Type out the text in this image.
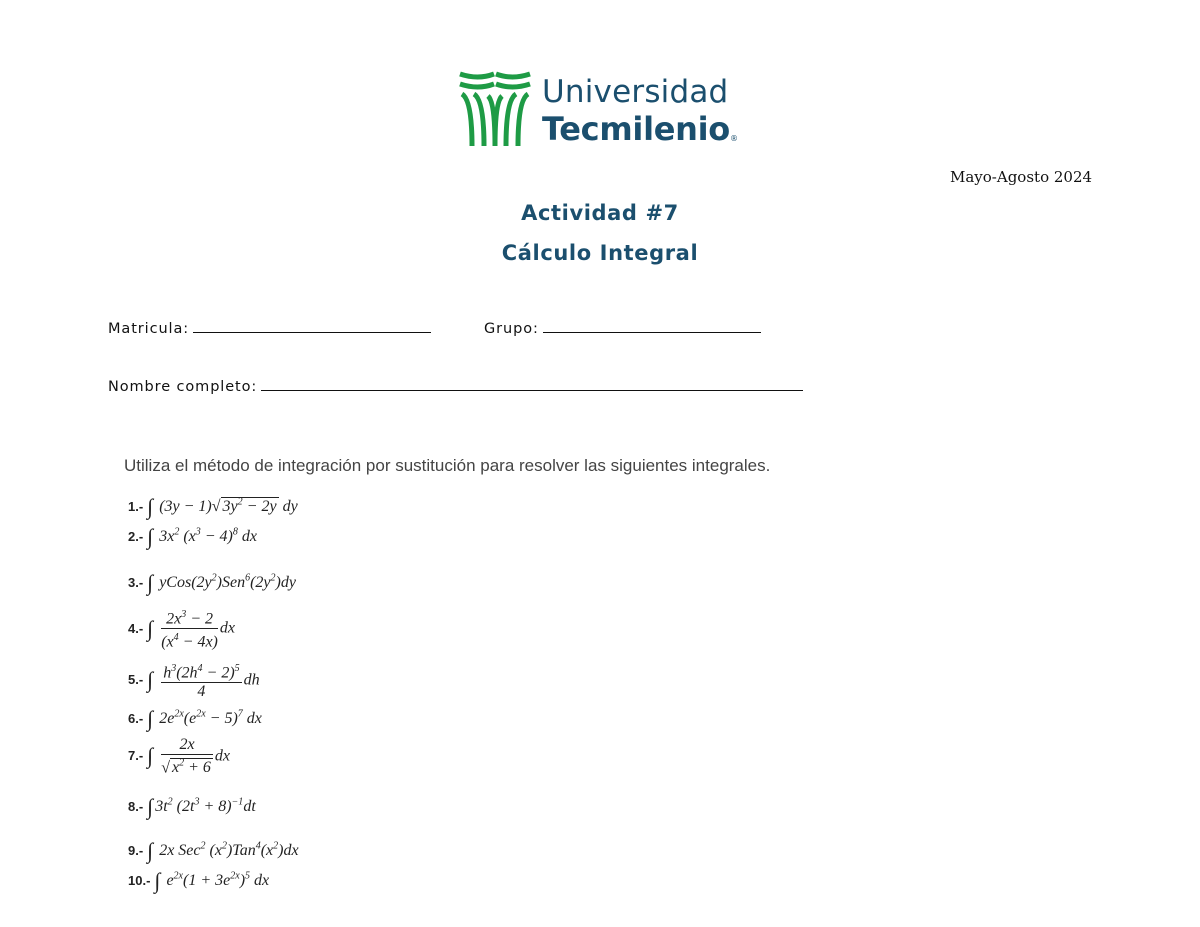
Universidad
Tecmilenio ®
Mayo-Agosto 2024
Actividad #7
Cálculo Integral
Matricula:	Grupo:
Nombre completo:
Utiliza el método de integración por sustitución para resolver las siguientes integrales.
1.- ∫ (3y − 1)√ $3y^2 - 2y$ dy
2.- ∫ $3x^2$ $(x^3 - 4)^8$ dx
3.- ∫ $yCos(2y^2)Sen^6(2y^2)dy$
4.- ∫ $\frac{2x^3 - 2}{(x^4 - 4x)}$ dx
5.- ∫ $\frac{h^3(2h^4 - 2)^5}{4}$ dh
6.- ∫ $2e^{2x}(e^{2x} - 5)^7$ dx
7.- ∫ $\frac{2x}{√ x^2 + 6}$ dx
8.- ∫ $3t^2$ $(2t^3 + 8)^{-1}dt$
9.- ∫ 2x Sec$^2$ $(x^2)Tan^4(x^2)dx$
10.- ∫ $e^{2x}(1 + 3e^{2x})^5$ dx
